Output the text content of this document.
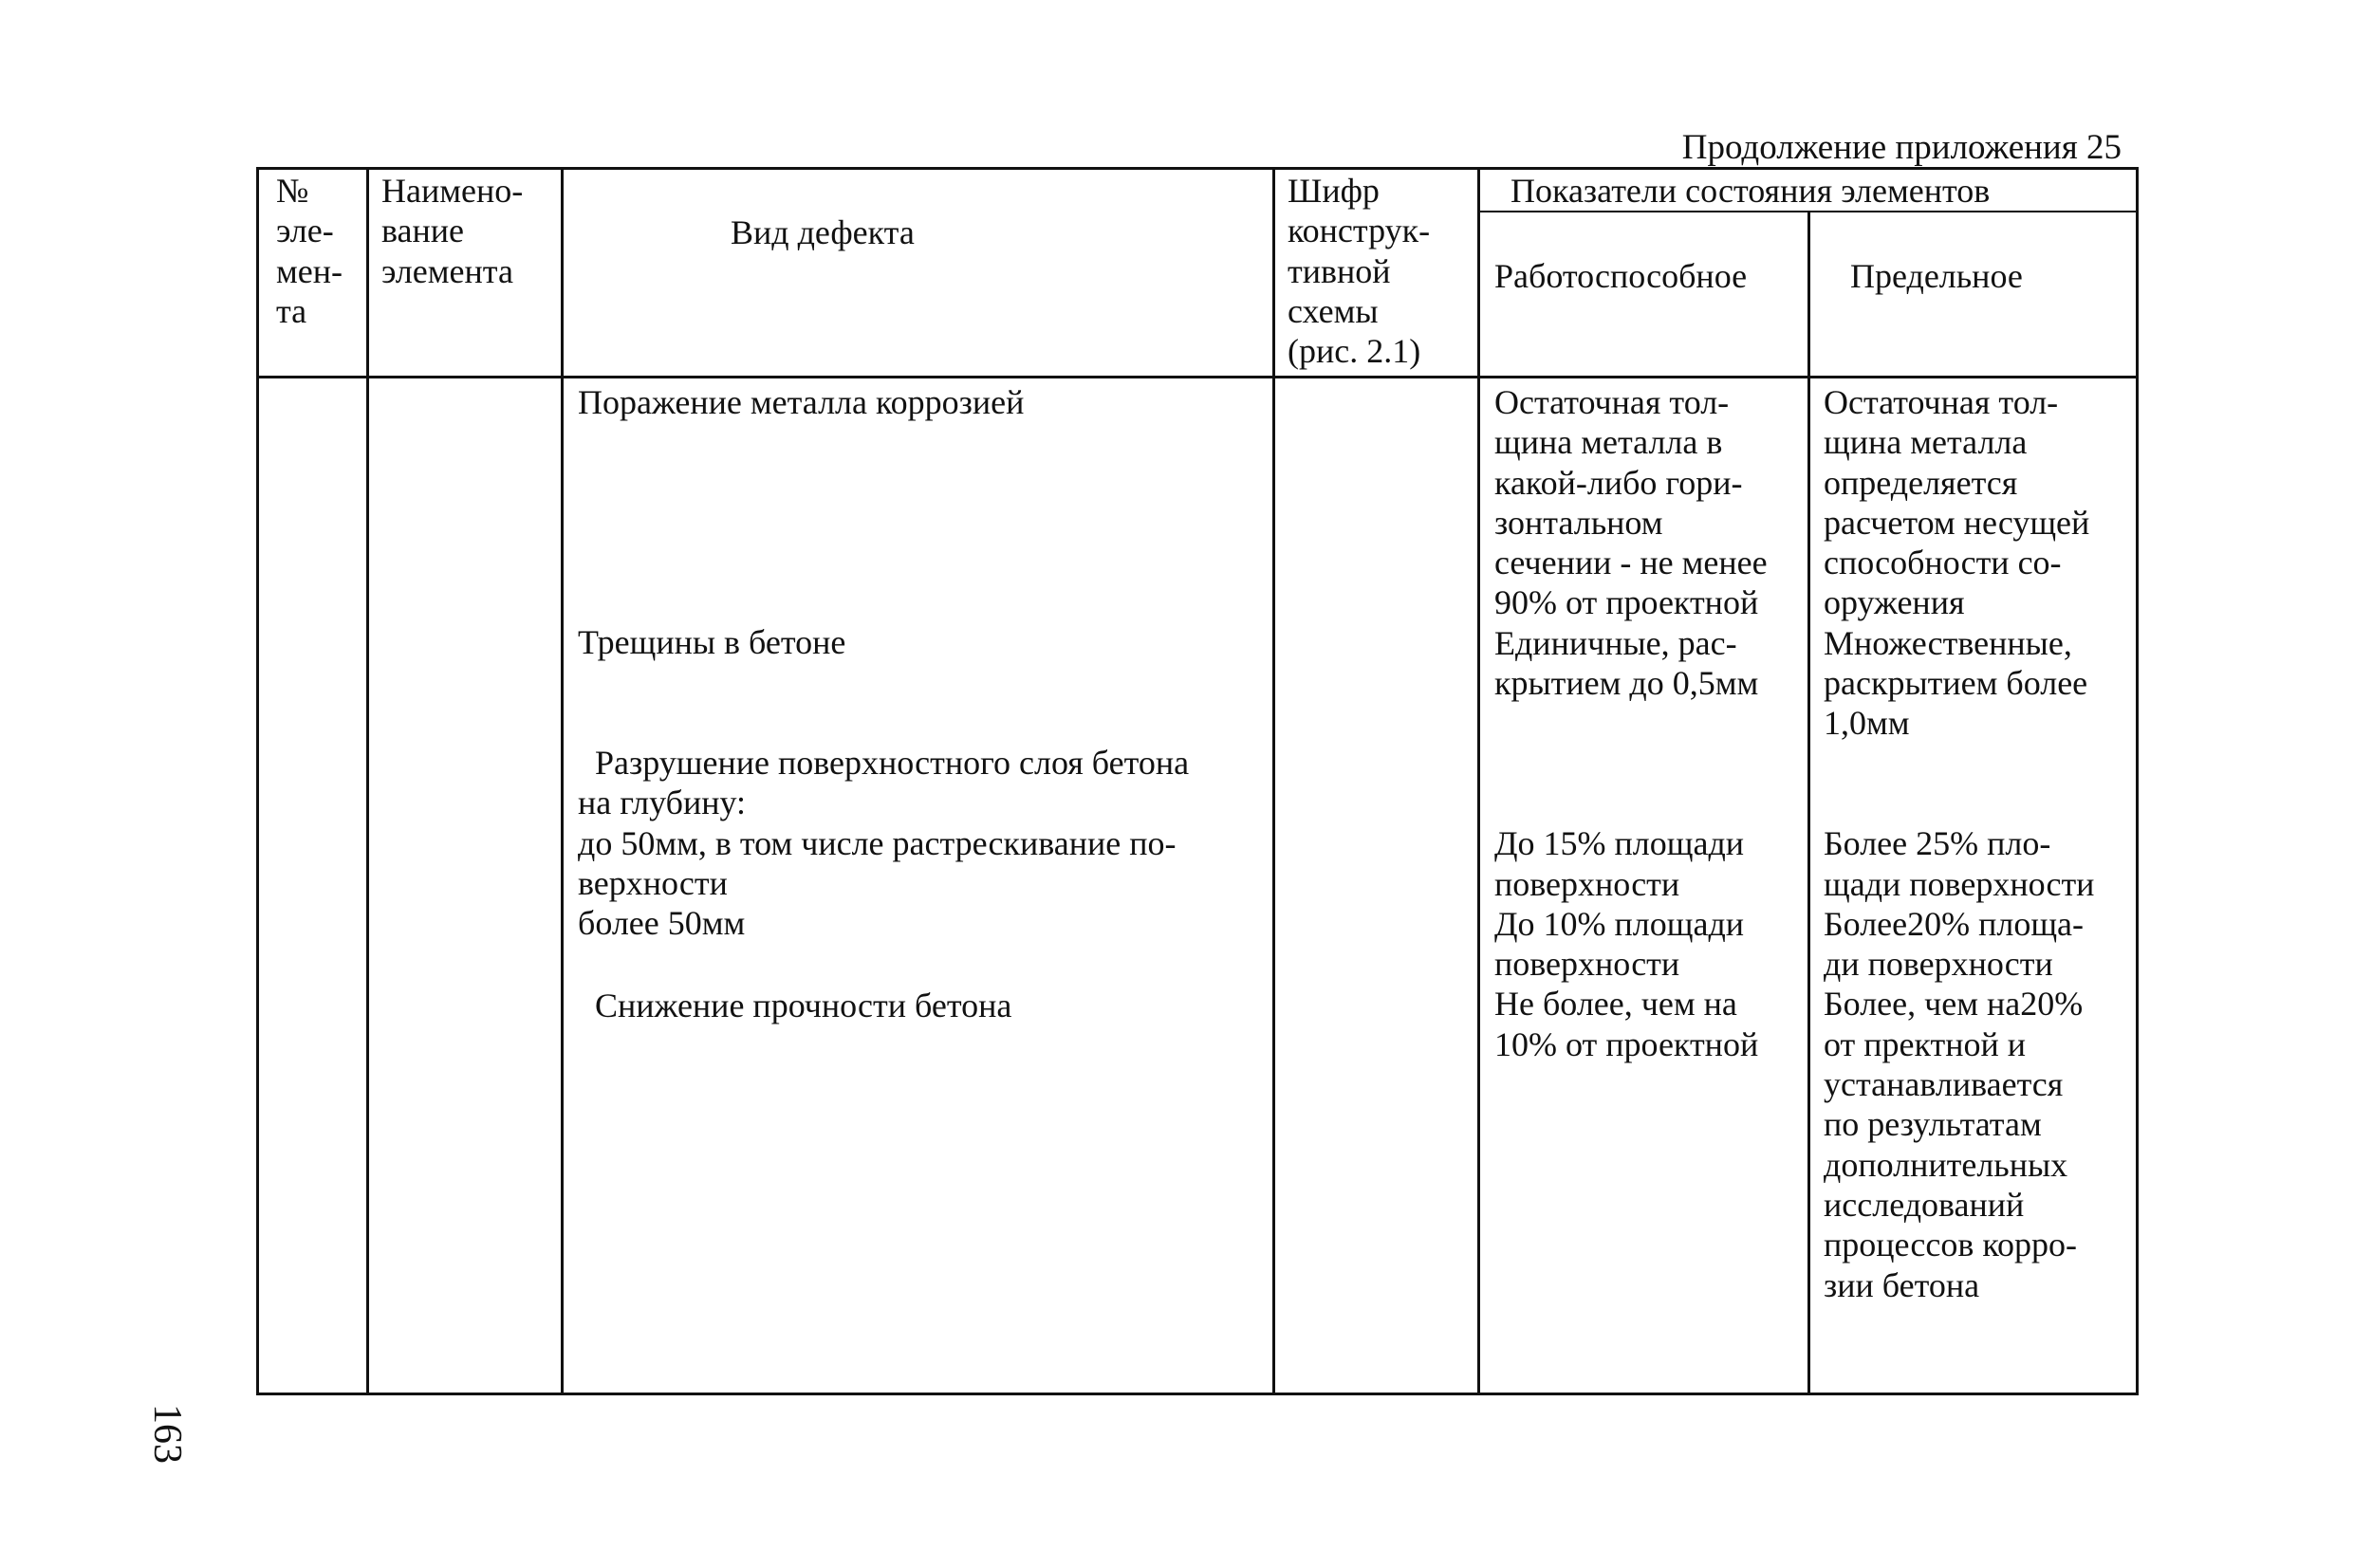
Продолжение приложения 25
№
эле-
мен-
та
Наимено-
вание
элемента
Вид дефекта
Шифр
конструк-
тивной
схемы
(рис. 2.1)
Показатели состояния элементов
Работоспособное	Предельное
Поражение металла коррозией
Трещины в бетоне
Разрушение поверхностного слоя бетона
на глубину:
до 50мм, в том числе растрескивание по-
верхности
более 50мм
Снижение прочности бетона
Остаточная тол-
щина металла в
какой-либо гори-
зонтальном
сечении - не менее
90% от проектной
Единичные, рас-
крытием до 0,5мм

До 15% площади
поверхности
До 10% площади
поверхности
Не более, чем на
10% от проектной
Остаточная тол-
щина металла
определяется
расчетом несущей
способности со-
оружения
Множественные,
раскрытием более
1,0мм

Более 25% пло-
щади поверхности
Более20% площа-
ди поверхности
Более, чем на20%
от пректной и
устанавливается
по результатам
дополнительных
исследований
процессов корро-
зии бетона
163
